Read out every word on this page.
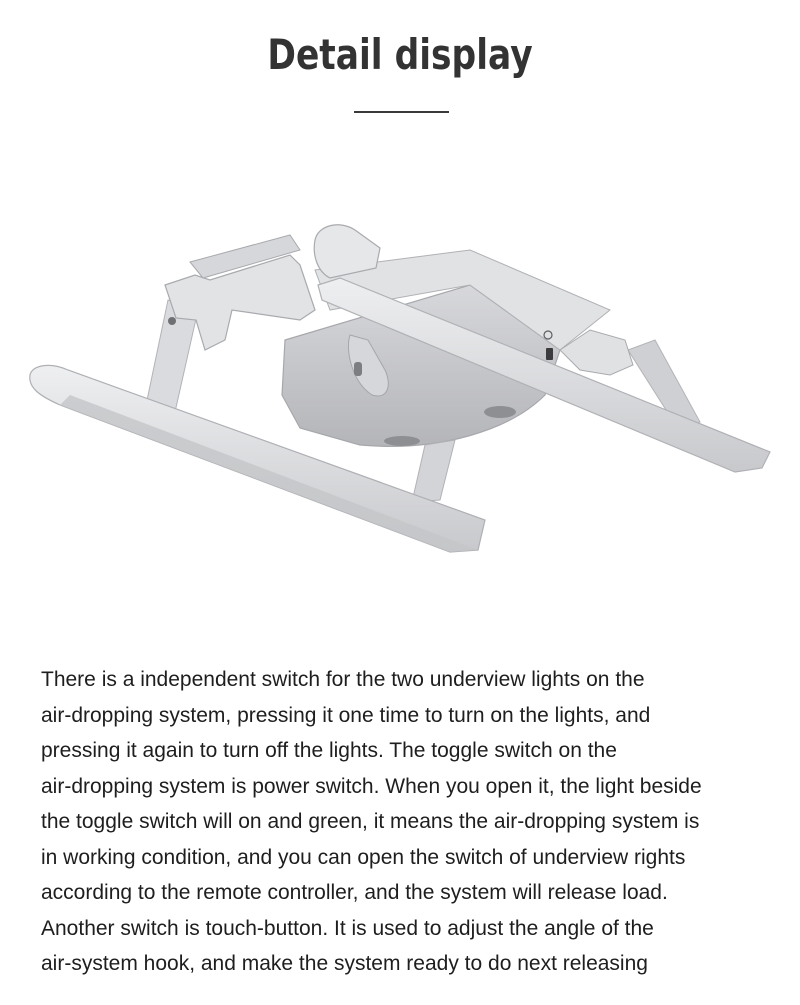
Detail display
There is a independent switch for the two underview lights on the
air-dropping system, pressing it one time to turn on the lights, and
pressing it again to turn off the lights. The toggle switch on the
air-dropping system is power switch. When you open it, the light beside
the toggle switch will on and green, it means the air-dropping system is
in working condition, and you can open the switch of underview rights
according to the remote controller, and the system will release load.
Another switch is touch-button. It is used to adjust the angle of the
air-system hook, and make the system ready to do next releasing
